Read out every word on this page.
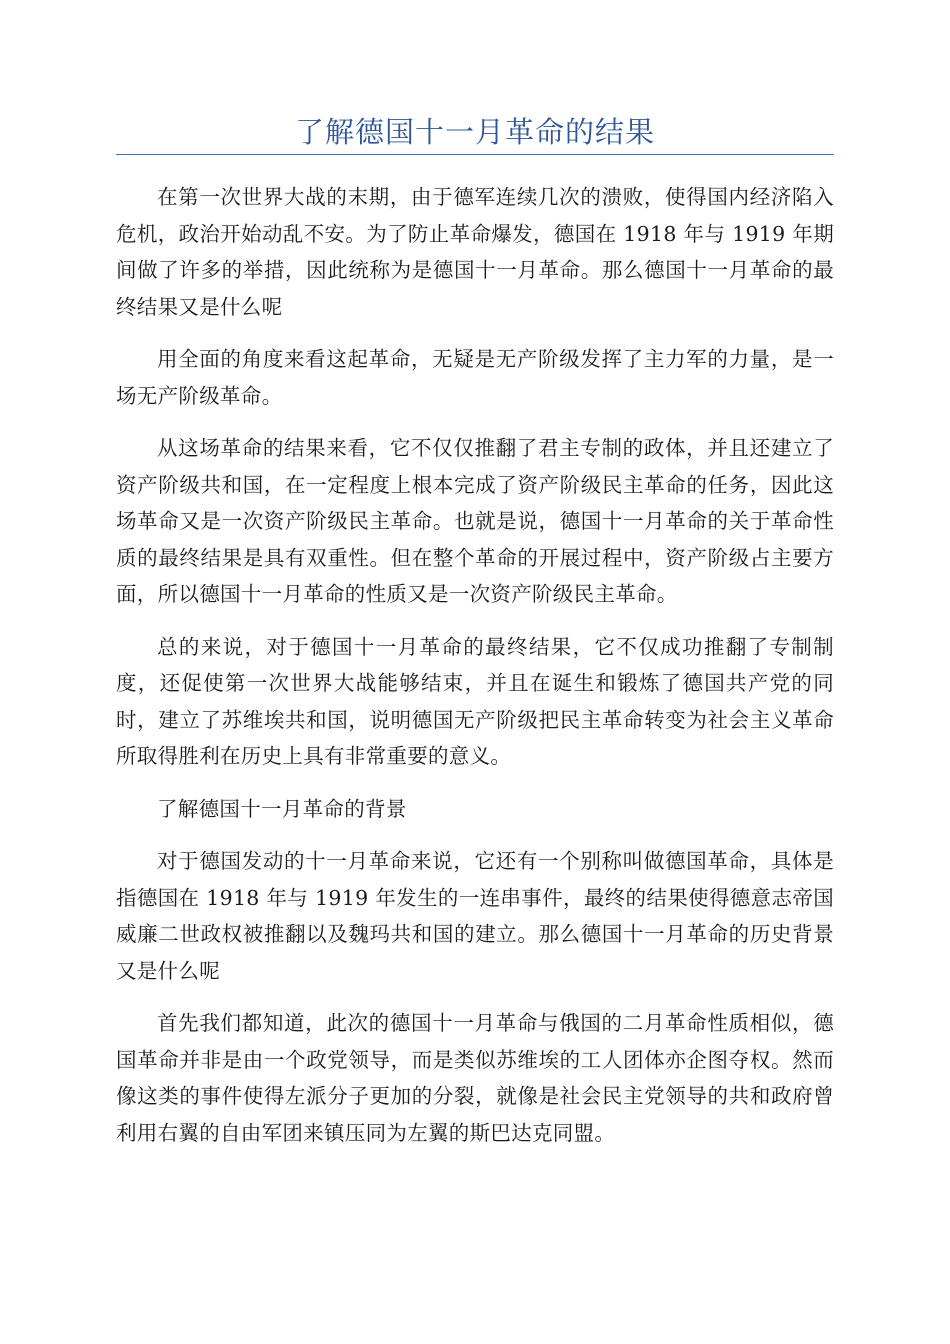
了解德国十一月革命的结果

在第一次世界大战的末期，由于德军连续几次的溃败，使得国内经济陷入危机，政治开始动乱不安。为了防止革命爆发，德国在 1918 年与 1919 年期间做了许多的举措，因此统称为是德国十一月革命。那么德国十一月革命的最终结果又是什么呢

用全面的角度来看这起革命，无疑是无产阶级发挥了主力军的力量，是一场无产阶级革命。

从这场革命的结果来看，它不仅仅推翻了君主专制的政体，并且还建立了资产阶级共和国，在一定程度上根本完成了资产阶级民主革命的任务，因此这场革命又是一次资产阶级民主革命。也就是说，德国十一月革命的关于革命性质的最终结果是具有双重性。但在整个革命的开展过程中，资产阶级占主要方面，所以德国十一月革命的性质又是一次资产阶级民主革命。

总的来说，对于德国十一月革命的最终结果，它不仅成功推翻了专制制度，还促使第一次世界大战能够结束，并且在诞生和锻炼了德国共产党的同时，建立了苏维埃共和国，说明德国无产阶级把民主革命转变为社会主义革命所取得胜利在历史上具有非常重要的意义。

了解德国十一月革命的背景

对于德国发动的十一月革命来说，它还有一个别称叫做德国革命，具体是指德国在 1918 年与 1919 年发生的一连串事件，最终的结果使得德意志帝国威廉二世政权被推翻以及魏玛共和国的建立。那么德国十一月革命的历史背景又是什么呢

首先我们都知道，此次的德国十一月革命与俄国的二月革命性质相似，德国革命并非是由一个政党领导，而是类似苏维埃的工人团体亦企图夺权。然而像这类的事件使得左派分子更加的分裂，就像是社会民主党领导的共和政府曾利用右翼的自由军团来镇压同为左翼的斯巴达克同盟。
